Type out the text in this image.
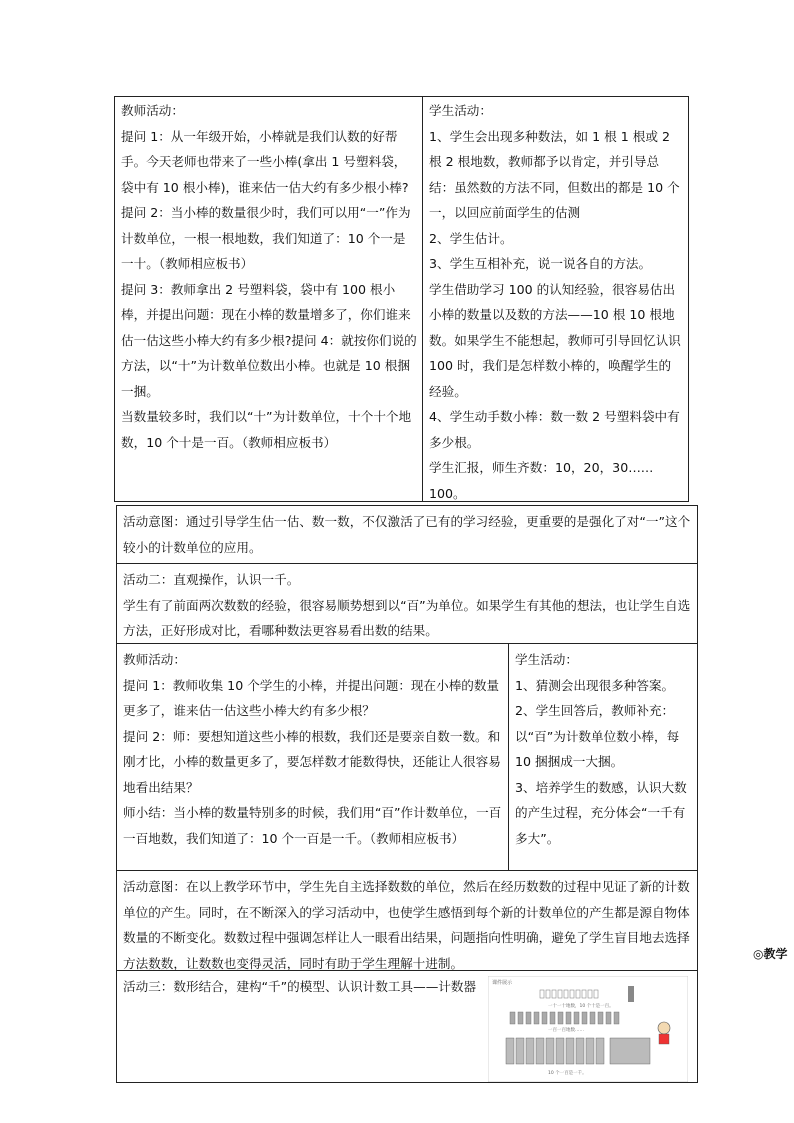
教师活动：

提问 1：从一年级开始，小棒就是我们认数的好帮手。今天老师也带来了一些小棒(拿出 1 号塑料袋，袋中有 10 根小棒)，谁来估一估大约有多少根小棒?

提问 2：当小棒的数量很少时，我们可以用“一”作为计数单位，一根一根地数，我们知道了：10 个一是一十。（教师相应板书）

提问 3：教师拿出 2 号塑料袋，袋中有 100 根小棒，并提出问题：现在小棒的数量增多了，你们谁来估一估这些小棒大约有多少根?提问 4：就按你们说的方法，以“十”为计数单位数出小棒。也就是 10 根捆一捆。

当数量较多时，我们以“十”为计数单位，十个十个地数，10 个十是一百。（教师相应板书）

学生活动：

1、学生会出现多种数法，如 1 根 1 根或 2 根 2 根地数，教师都予以肯定，并引导总结：虽然数的方法不同，但数出的都是 10 个一，以回应前面学生的估测

2、学生估计。

3、学生互相补充，说一说各自的方法。

学生借助学习 100 的认知经验，很容易估出小棒的数量以及数的方法——10 根 10 根地数。如果学生不能想起，教师可引导回忆认识 100 时，我们是怎样数小棒的，唤醒学生的经验。

4、学生动手数小棒：数一数 2 号塑料袋中有多少根。

学生汇报，师生齐数：10，20，30……100。

活动意图：通过引导学生估一估、数一数，不仅激活了已有的学习经验，更重要的是强化了对“一”这个较小的计数单位的应用。

活动二：直观操作，认识一千。

学生有了前面两次数数的经验，很容易顺势想到以“百”为单位。如果学生有其他的想法，也让学生自选方法，正好形成对比，看哪种数法更容易看出数的结果。

教师活动：

提问 1：教师收集 10 个学生的小棒，并提出问题：现在小棒的数量更多了，谁来估一估这些小棒大约有多少根？

提问 2：师：要想知道这些小棒的根数，我们还是要亲自数一数。和刚才比，小棒的数量更多了，要怎样数才能数得快，还能让人很容易地看出结果？

师小结：当小棒的数量特别多的时候，我们用“百”作计数单位，一百一百地数，我们知道了：10 个一百是一千。（教师相应板书）

学生活动：

1、猜测会出现很多种答案。

2、学生回答后，教师补充：以“百”为计数单位数小棒，每 10 捆捆成一大捆。

3、培养学生的数感，认识大数的产生过程，充分体会“一千有多大”。

活动意图：在以上教学环节中，学生先自主选择数数的单位，然后在经历数数的过程中见证了新的计数单位的产生。同时，在不断深入的学习活动中，也使学生感悟到每个新的计数单位的产生都是源自物体数量的不断变化。数数过程中强调怎样让人一眼看出结果，问题指向性明确，避免了学生盲目地去选择方法数数，让数数也变得灵活，同时有助于学生理解十进制。

活动三：数形结合，建构“千”的模型、认识计数工具——计数器	课件展示
一十一十地数，10 个十是一百。
一百一百地数……
10 个一百是一千。
◎教学
